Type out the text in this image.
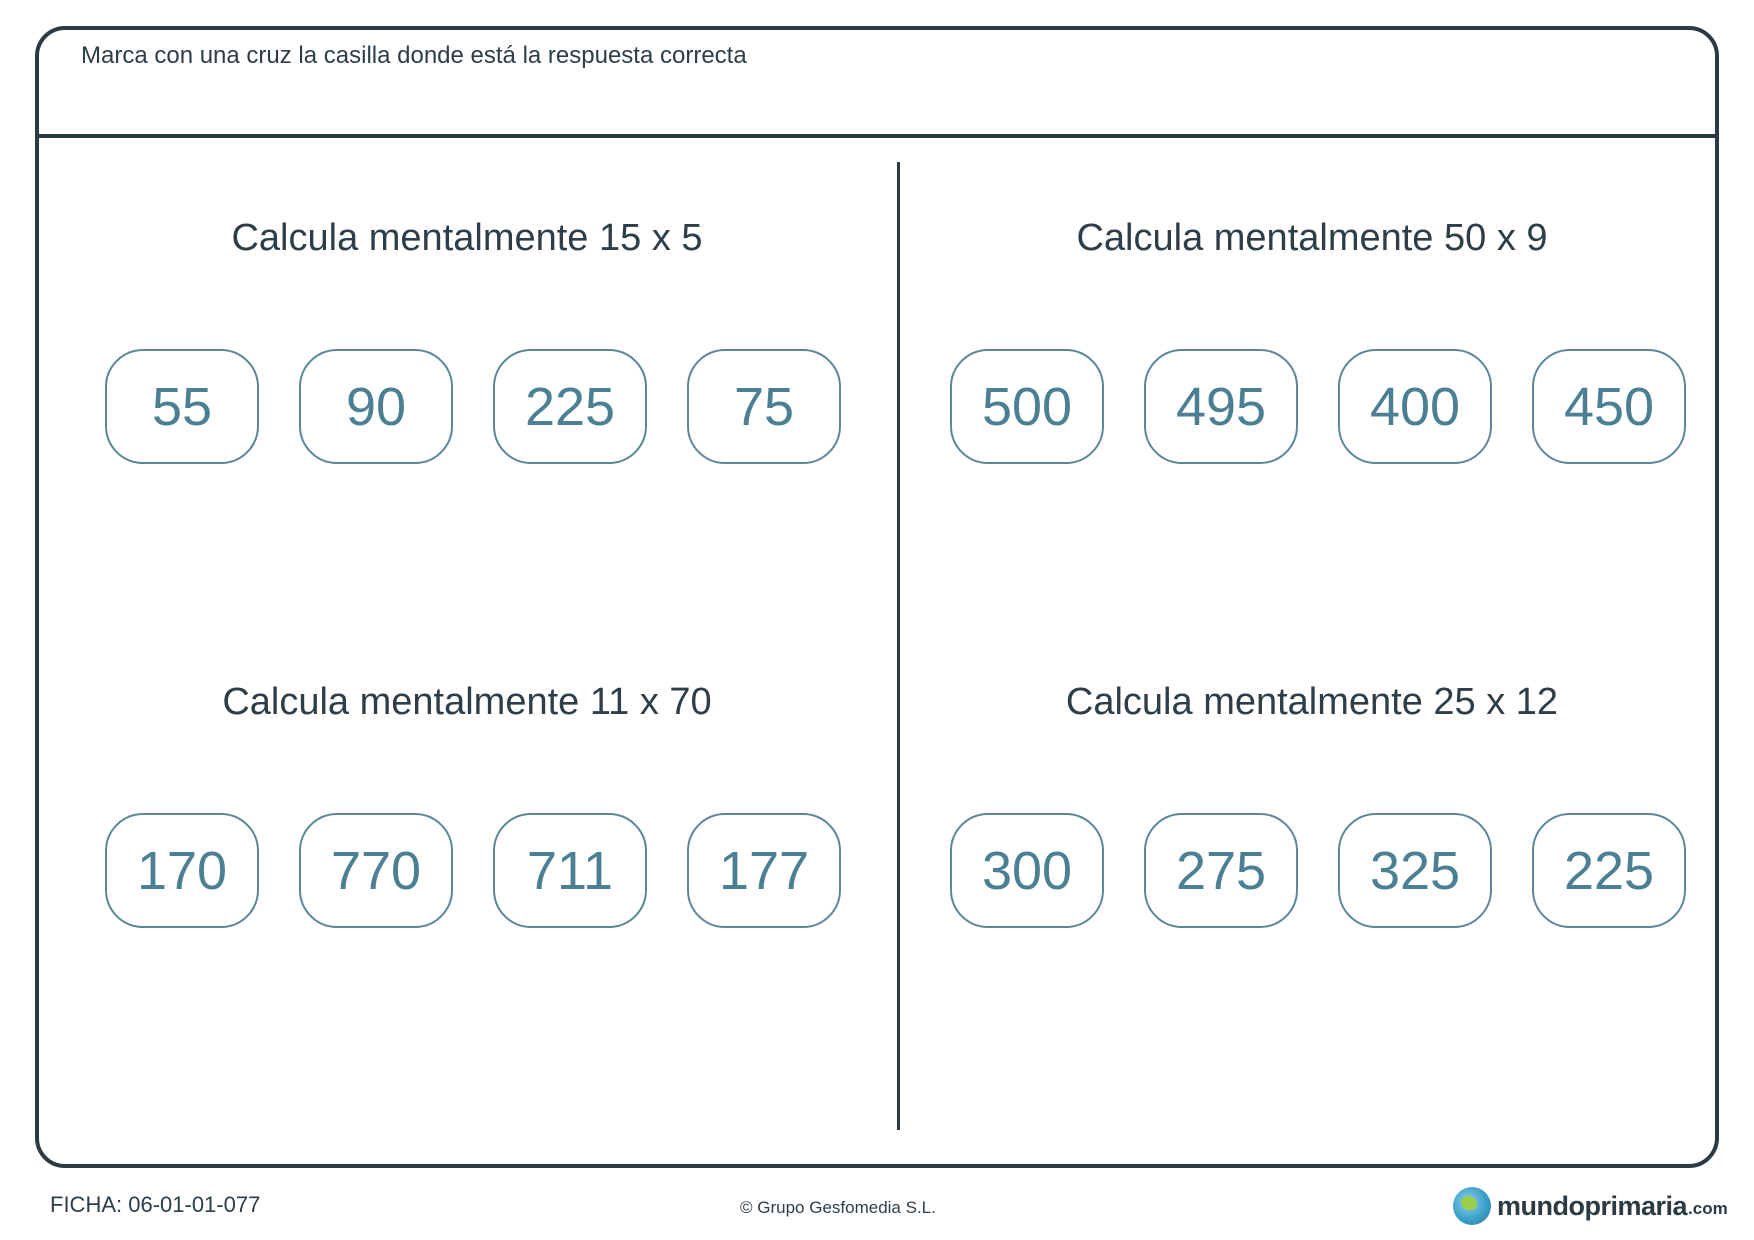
Marca con una cruz la casilla donde está la respuesta correcta
Calcula mentalmente 15 x 5
55	90	225	75
Calcula mentalmente 50 x 9
500	495	400	450
Calcula mentalmente 11 x 70
170	770	711	177
Calcula mentalmente 25 x 12
300	275	325	225
FICHA: 06-01-01-077	© Grupo Gesfomedia S.L.	mundoprimaria .com
